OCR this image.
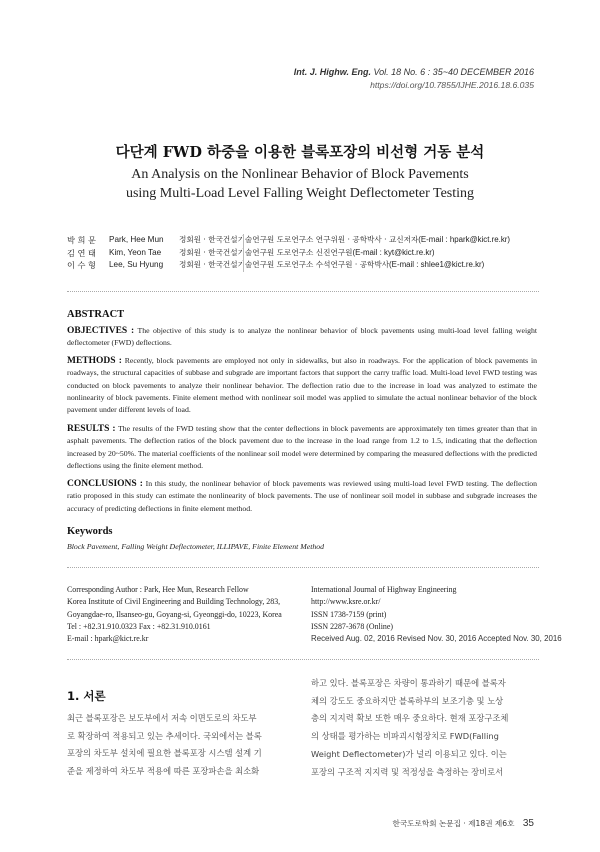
Int. J. Highw. Eng. Vol. 18 No. 6 : 35~40 DECEMBER 2016
https://doi.org/10.7855/IJHE.2016.18.6.035
다단계 FWD 하중을 이용한 블록포장의 비선형 거동 분석
An Analysis on the Nonlinear Behavior of Block Pavements
using Multi-Load Level Falling Weight Deflectometer Testing
박 희 문	Park, Hee Mun	정회원 · 한국건설기술연구원 도로연구소 연구위원 · 공학박사 · 교신저자(E-mail : hpark@kict.re.kr)
김 연 태	Kim, Yeon Tae	정회원 · 한국건설기술연구원 도로연구소 신진연구원(E-mail : kyt@kict.re.kr)
이 수 형	Lee, Su Hyung	정회원 · 한국건설기술연구원 도로연구소 수석연구원 · 공학박사(E-mail : shlee1@kict.re.kr)
ABSTRACT
OBJECTIVES : The objective of this study is to analyze the nonlinear behavior of block pavements using multi-load level falling weight deflectometer (FWD) deflections.
METHODS : Recently, block pavements are employed not only in sidewalks, but also in roadways. For the application of block pavements in roadways, the structural capacities of subbase and subgrade are important factors that support the carry traffic load. Multi-load level FWD testing was conducted on block pavements to analyze their nonlinear behavior. The deflection ratio due to the increase in load was analyzed to estimate the nonlinearity of block pavements. Finite element method with nonlinear soil model was applied to simulate the actual nonlinear behavior of the block pavement under different levels of load.
RESULTS : The results of the FWD testing show that the center deflections in block pavements are approximately ten times greater than that in asphalt pavements. The deflection ratios of the block pavement due to the increase in the load range from 1.2 to 1.5, indicating that the deflection increased by 20~50%. The material coefficients of the nonlinear soil model were determined by comparing the measured deflections with the predicted deflections using the finite element method.
CONCLUSIONS : In this study, the nonlinear behavior of block pavements was reviewed using multi-load level FWD testing. The deflection ratio proposed in this study can estimate the nonlinearity of block pavements. The use of nonlinear soil model in subbase and subgrade increases the accuracy of predicting deflections in finite element method.
Keywords
Block Pavement, Falling Weight Deflectometer, ILLIPAVE, Finite Element Method
Corresponding Author : Park, Hee Mun, Research Fellow
Korea Institute of Civil Engineering and Building Technology, 283,
Goyangdae-ro, Ilsanseo-gu, Goyang-si, Gyeonggi-do, 10223, Korea
Tel : +82.31.910.0323 Fax : +82.31.910.0161
E-mail : hpark@kict.re.kr
International Journal of Highway Engineering
http://www.ksre.or.kr/
ISSN 1738-7159 (print)
ISSN 2287-3678 (Online)
Received Aug. 02, 2016 Revised Nov. 30, 2016 Accepted Nov. 30, 2016
1. 서론
최근 블록포장은 보도부에서 저속 이면도로의 차도부
로 확장하여 적용되고 있는 추세이다. 국외에서는 블록
포장의 차도부 설치에 필요한 블록포장 시스템 설계 기
준을 제정하여 차도부 적용에 따른 포장파손을 최소화
하고 있다. 블록포장은 차량이 통과하기 때문에 블록자
체의 강도도 중요하지만 블록하부의 보조기층 및 노상
층의 지지력 확보 또한 매우 중요하다. 현재 포장구조체
의 상태를 평가하는 비파괴시험장치로 FWD(Falling
Weight Deflectometer)가 널리 이용되고 있다. 이는
포장의 구조적 지지력 및 적정성을 측정하는 장비로서
한국도로학회 논문집 · 제18권 제6호 35
